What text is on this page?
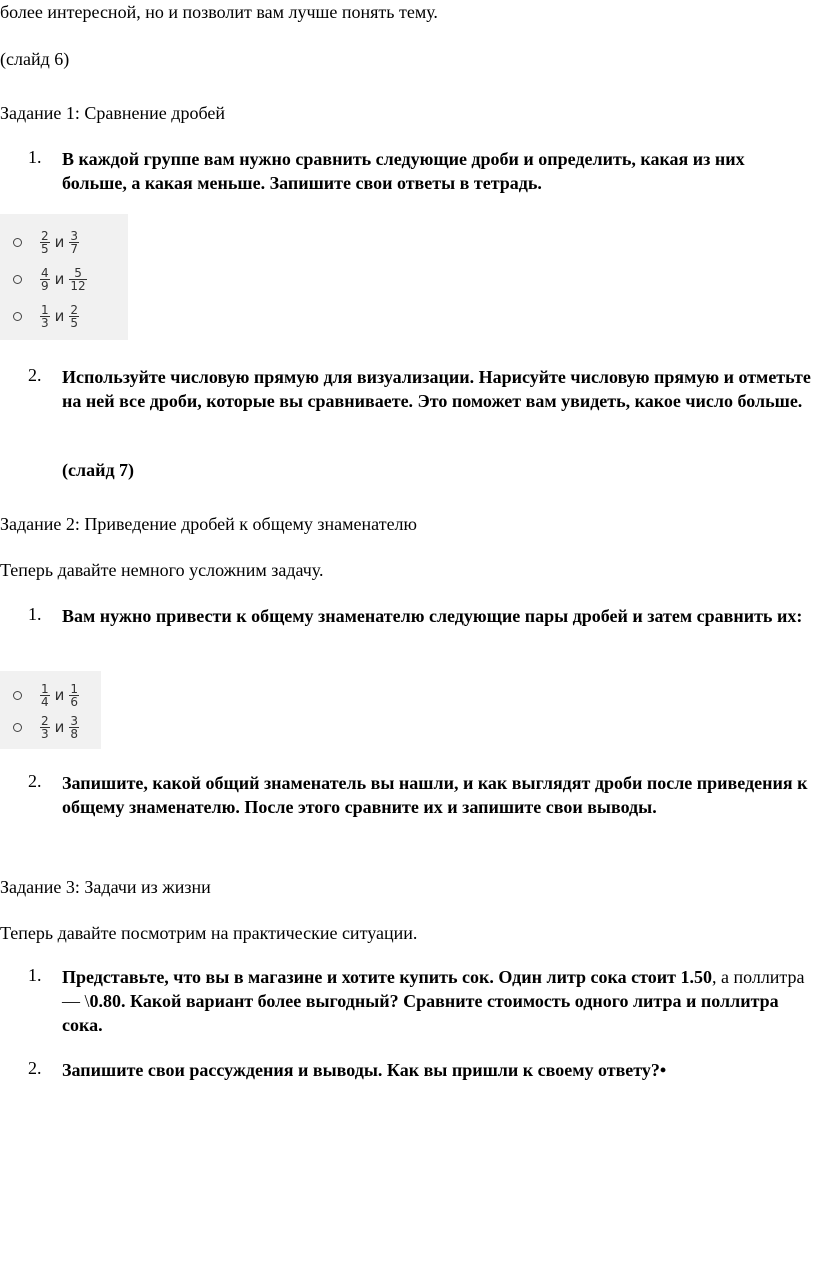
более интересной, но и позволит вам лучше понять тему.
(слайд 6)
Задание 1: Сравнение дробей
1. В каждой группе вам нужно сравнить следующие дроби и определить, какая из них больше, а какая меньше. Запишите свои ответы в тетрадь.
$\frac{2}{5}$ и $\frac{3}{7}$
$\frac{4}{9}$ и $\frac{5}{12}$
$\frac{1}{3}$ и $\frac{2}{5}$
2. Используйте числовую прямую для визуализации. Нарисуйте числовую прямую и отметьте на ней все дроби, которые вы сравниваете. Это поможет вам увидеть, какое число больше.
(слайд 7)
Задание 2: Приведение дробей к общему знаменателю
Теперь давайте немного усложним задачу.
1. Вам нужно привести к общему знаменателю следующие пары дробей и затем сравнить их:
$\frac{1}{4}$ и $\frac{1}{6}$
$\frac{2}{3}$ и $\frac{3}{8}$
2. Запишите, какой общий знаменатель вы нашли, и как выглядят дроби после приведения к общему знаменателю. После этого сравните их и запишите свои выводы.
Задание 3: Задачи из жизни
Теперь давайте посмотрим на практические ситуации.
1. Представьте, что вы в магазине и хотите купить сок. Один литр сока стоит 1.50, а поллитра — \0.80. Какой вариант более выгодный? Сравните стоимость одного литра и поллитра сока.
2. Запишите свои рассуждения и выводы. Как вы пришли к своему ответу?•
